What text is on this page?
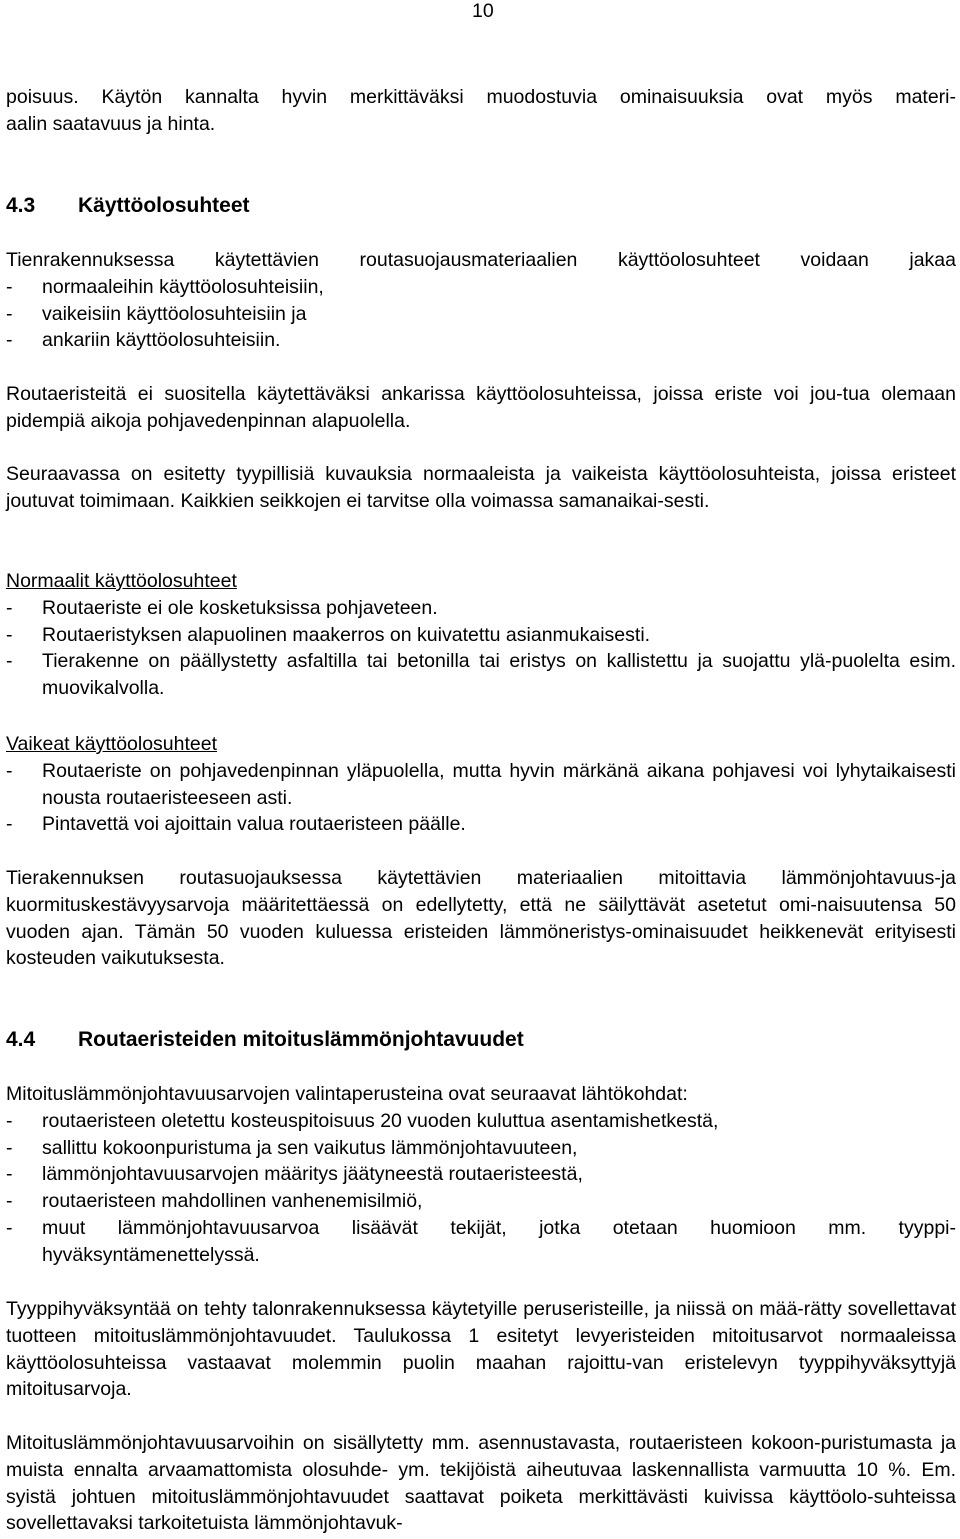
10
poisuus. Käytön kannalta hyvin merkittäväksi muodostuvia ominaisuuksia ovat myös materi-
aalin saatavuus ja hinta.
4.3 Käyttöolosuhteet
Tienrakennuksessa käytettävien routasuojausmateriaalien käyttöolosuhteet voidaan jakaa
- normaaleihin käyttöolosuhteisiin,
- vaikeisiin käyttöolosuhteisiin ja
- ankariin käyttöolosuhteisiin.

Routaeristeitä ei suositella käytettäväksi ankarissa käyttöolosuhteissa, joissa eriste voi jou-tua olemaan pidempiä aikoja pohjavedenpinnan alapuolella.

Seuraavassa on esitetty tyypillisiä kuvauksia normaaleista ja vaikeista käyttöolosuhteista, joissa eristeet joutuvat toimimaan. Kaikkien seikkojen ei tarvitse olla voimassa samanaikai-sesti.

Normaalit käyttöolosuhteet
- Routaeriste ei ole kosketuksissa pohjaveteen.
- Routaeristyksen alapuolinen maakerros on kuivatettu asianmukaisesti.
- Tierakenne on päällystetty asfaltilla tai betonilla tai eristys on kallistettu ja suojattu ylä-puolelta esim. muovikalvolla.
Vaikeat käyttöolosuhteet
- Routaeriste on pohjavedenpinnan yläpuolella, mutta hyvin märkänä aikana pohjavesi voi lyhytaikaisesti nousta routaeristeeseen asti.
- Pintavettä voi ajoittain valua routaeristeen päälle.

Tierakennuksen routasuojauksessa käytettävien materiaalien mitoittavia lämmönjohtavuus-ja kuormituskestävyysarvoja määritettäessä on edellytetty, että ne säilyttävät asetetut omi-naisuutensa 50 vuoden ajan. Tämän 50 vuoden kuluessa eristeiden lämmöneristys-ominaisuudet heikkenevät erityisesti kosteuden vaikutuksesta.

4.4 Routaeristeiden mitoituslämmönjohtavuudet
Mitoituslämmönjohtavuusarvojen valintaperusteina ovat seuraavat lähtökohdat:
- routaeristeen oletettu kosteuspitoisuus 20 vuoden kuluttua asentamishetkestä,
- sallittu kokoonpuristuma ja sen vaikutus lämmönjohtavuuteen,
- lämmönjohtavuusarvojen määritys jäätyneestä routaeristeestä,
- routaeristeen mahdollinen vanhenemisilmiö,
- muut lämmönjohtavuusarvoa lisäävät tekijät, jotka otetaan huomioon mm. tyyppi-hyväksyntämenettelyssä.

Tyyppihyväksyntää on tehty talonrakennuksessa käytetyille peruseristeille, ja niissä on mää-rätty sovellettavat tuotteen mitoituslämmönjohtavuudet. Taulukossa 1 esitetyt levyeristeiden mitoitusarvot normaaleissa käyttöolosuhteissa vastaavat molemmin puolin maahan rajoittu-van eristelevyn tyyppihyväksyttyjä mitoitusarvoja.

Mitoituslämmönjohtavuusarvoihin on sisällytetty mm. asennustavasta, routaeristeen kokoon-puristumasta ja muista ennalta arvaamattomista olosuhde- ym. tekijöistä aiheutuvaa laskennallista varmuutta 10 %. Em. syistä johtuen mitoituslämmönjohtavuudet saattavat poiketa merkittävästi kuivissa käyttöolo-suhteissa sovellettavaksi tarkoitetuista lämmönjohtavuk-
